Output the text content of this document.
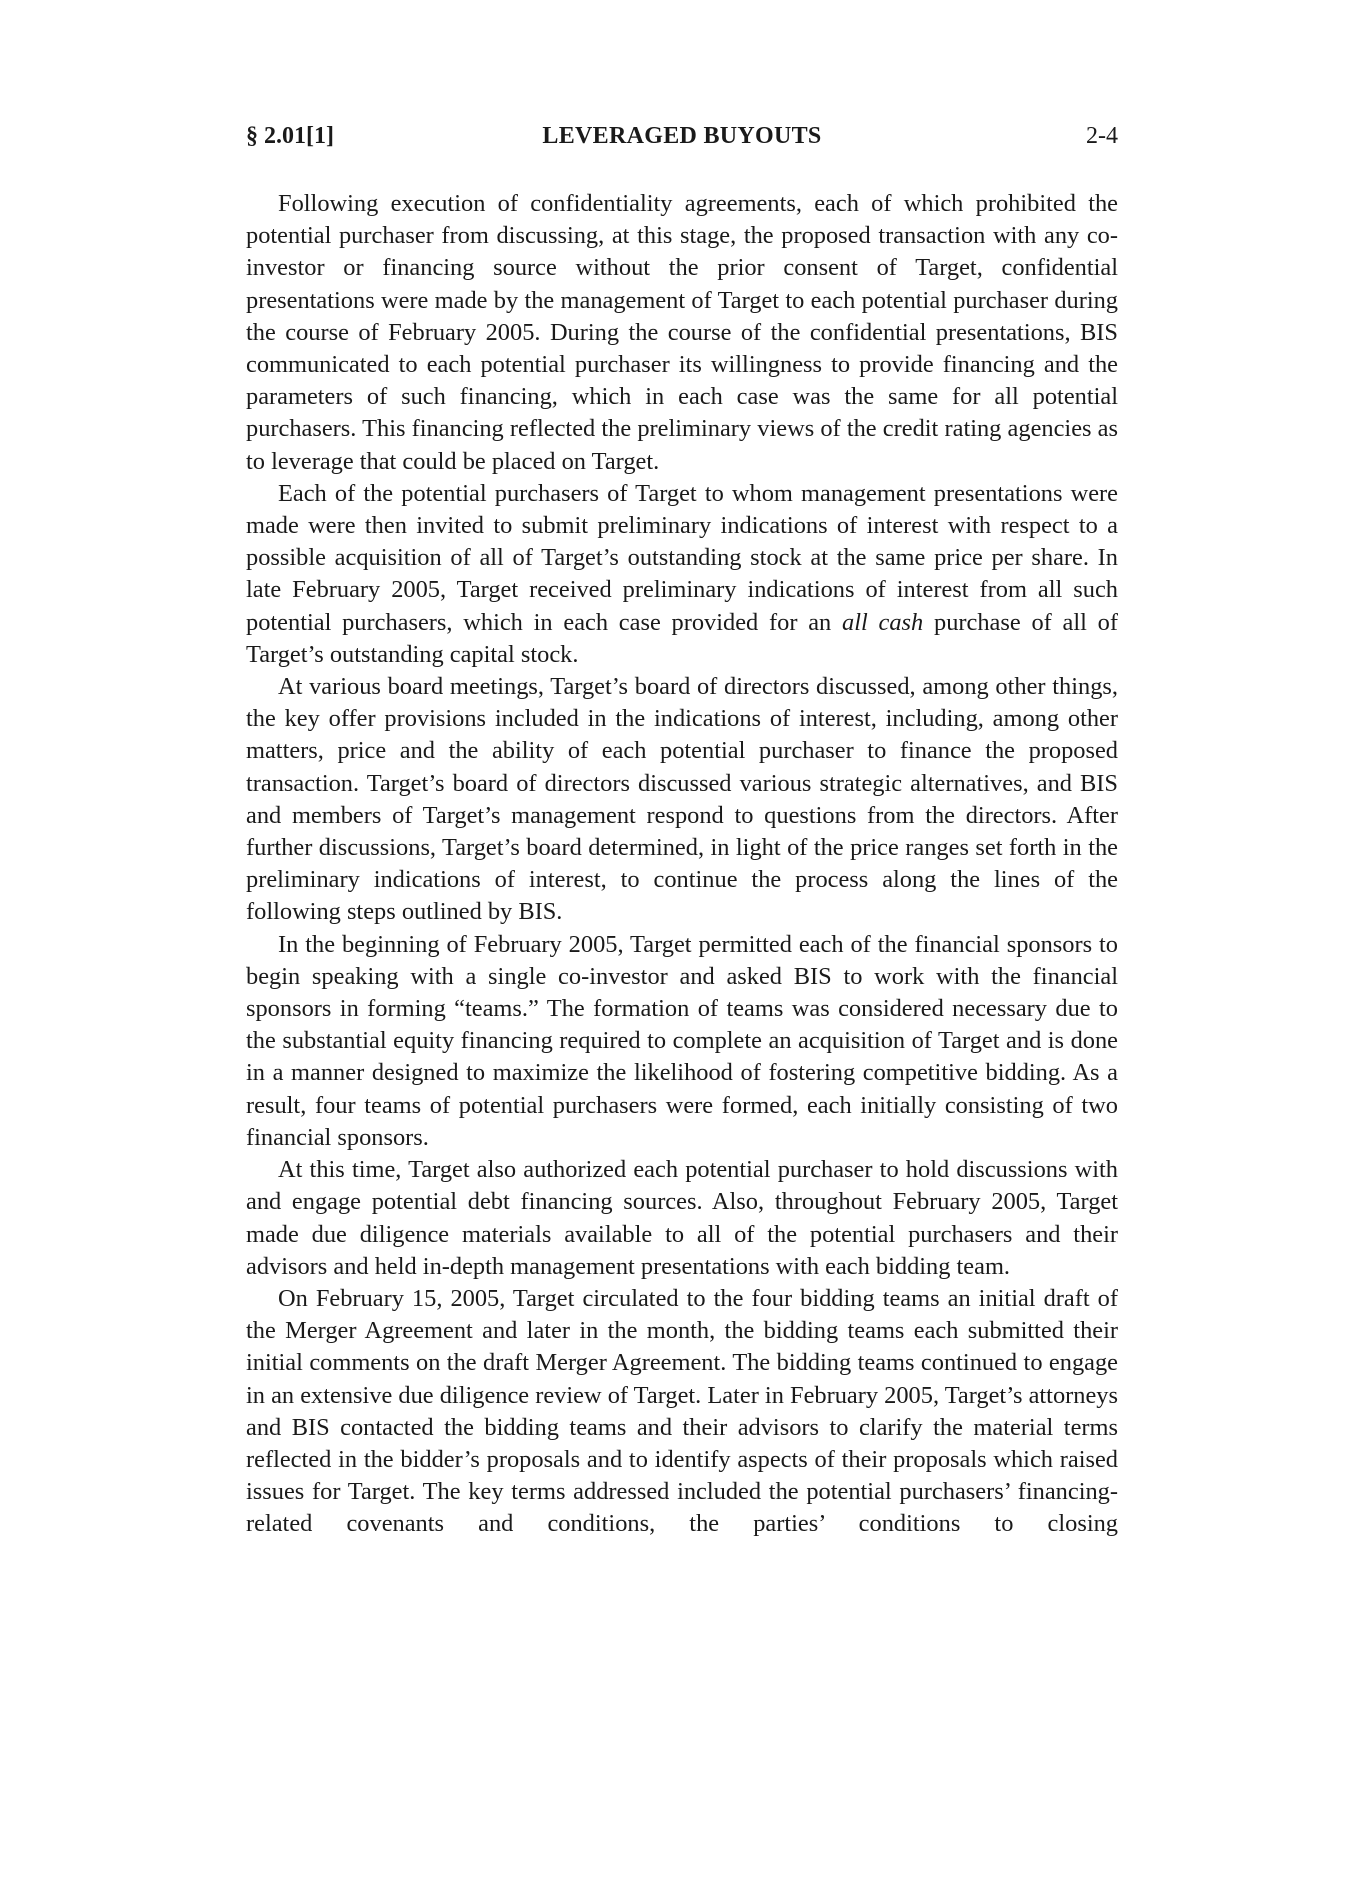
§ 2.01[1]	LEVERAGED BUYOUTS	2-4

Following execution of confidentiality agreements, each of which prohibited the potential purchaser from discussing, at this stage, the proposed transaction with any co-investor or financing source without the prior consent of Target, confidential presentations were made by the management of Target to each potential purchaser during the course of February 2005. During the course of the confidential presentations, BIS communicated to each potential purchaser its willingness to provide financing and the parameters of such financing, which in each case was the same for all potential purchasers. This financing reflected the preliminary views of the credit rating agencies as to leverage that could be placed on Target.

Each of the potential purchasers of Target to whom management presentations were made were then invited to submit preliminary indications of interest with respect to a possible acquisition of all of Target’s outstanding stock at the same price per share. In late February 2005, Target received preliminary indications of interest from all such potential purchasers, which in each case provided for an all cash purchase of all of Target’s outstanding capital stock.

At various board meetings, Target’s board of directors discussed, among other things, the key offer provisions included in the indications of interest, including, among other matters, price and the ability of each potential purchaser to finance the proposed transaction. Target’s board of directors discussed various strategic alternatives, and BIS and members of Target’s management respond to questions from the directors. After further discussions, Target’s board determined, in light of the price ranges set forth in the preliminary indications of interest, to continue the process along the lines of the following steps outlined by BIS.

In the beginning of February 2005, Target permitted each of the financial sponsors to begin speaking with a single co-investor and asked BIS to work with the financial sponsors in forming “teams.” The formation of teams was considered necessary due to the substantial equity financing required to complete an acquisition of Target and is done in a manner designed to maximize the likelihood of fostering competitive bidding. As a result, four teams of potential purchasers were formed, each initially consisting of two financial sponsors.

At this time, Target also authorized each potential purchaser to hold discussions with and engage potential debt financing sources. Also, throughout February 2005, Target made due diligence materials available to all of the potential purchasers and their advisors and held in-depth management presentations with each bidding team.

On February 15, 2005, Target circulated to the four bidding teams an initial draft of the Merger Agreement and later in the month, the bidding teams each submitted their initial comments on the draft Merger Agreement. The bidding teams continued to engage in an extensive due diligence review of Target. Later in February 2005, Target’s attorneys and BIS contacted the bidding teams and their advisors to clarify the material terms reflected in the bidder’s proposals and to identify aspects of their proposals which raised issues for Target. The key terms addressed included the potential purchasers’ financing-related covenants and conditions, the parties’ conditions to closing
